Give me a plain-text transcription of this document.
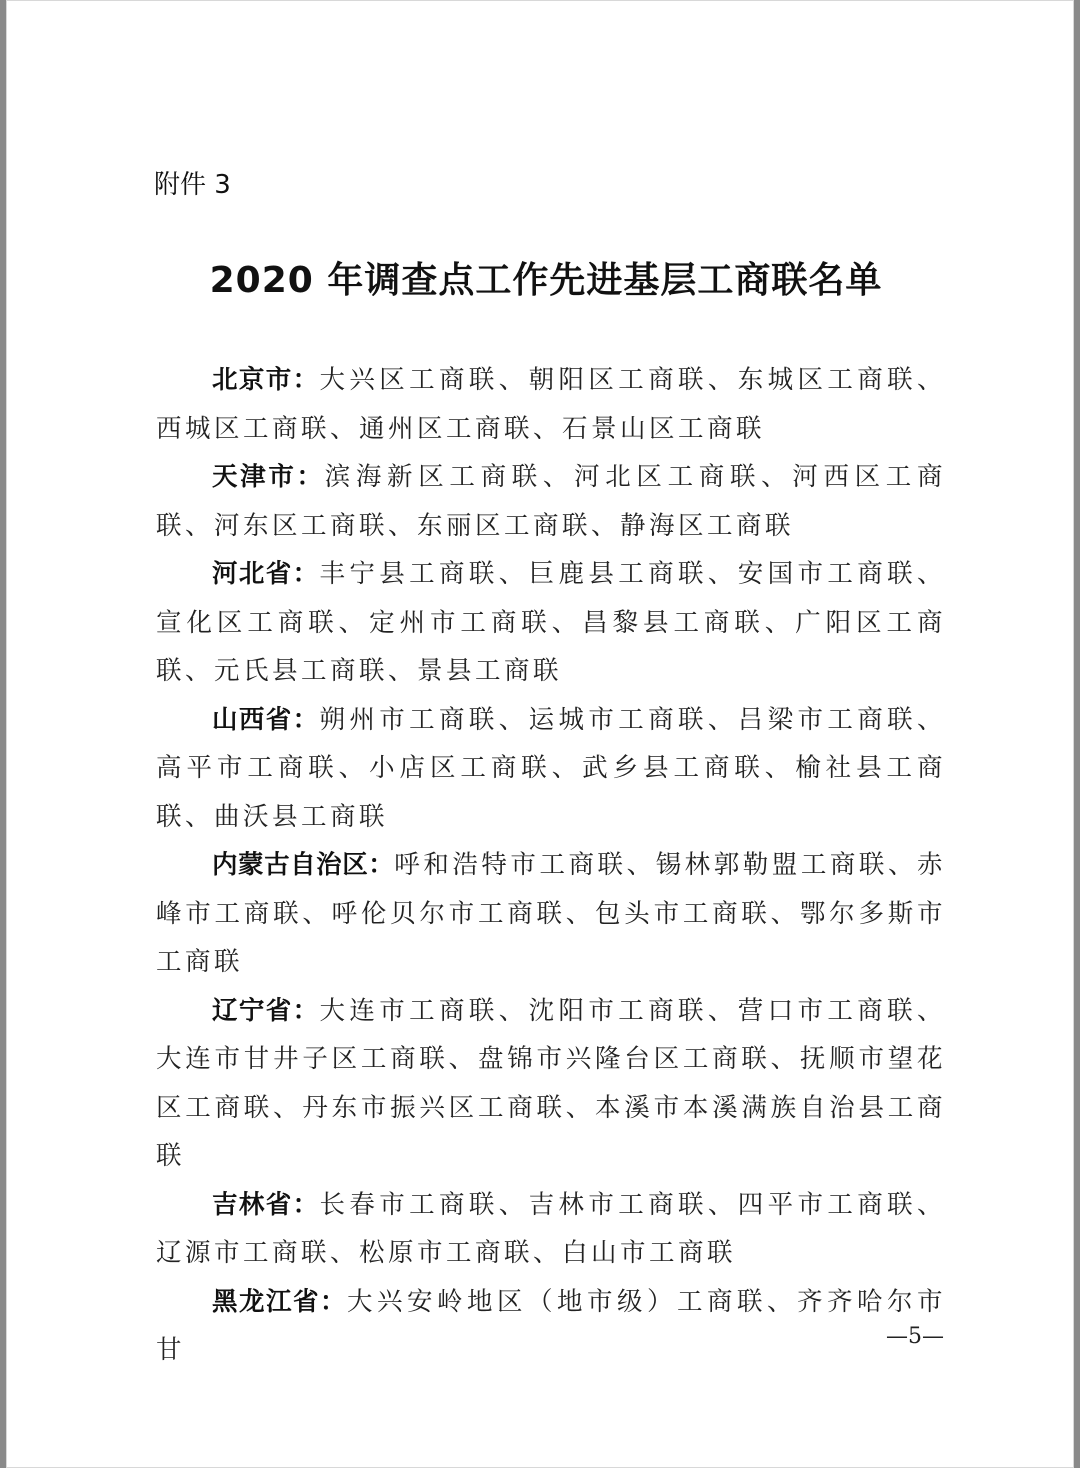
附件 3
2020 年调查点工作先进基层工商联名单

北京市：大兴区工商联、朝阳区工商联、东城区工商联、西城区工商联、通州区工商联、石景山区工商联

天津市：滨海新区工商联、河北区工商联、河西区工商联、河东区工商联、东丽区工商联、静海区工商联

河北省：丰宁县工商联、巨鹿县工商联、安国市工商联、宣化区工商联、定州市工商联、昌黎县工商联、广阳区工商联、元氏县工商联、景县工商联

山西省：朔州市工商联、运城市工商联、吕梁市工商联、高平市工商联、小店区工商联、武乡县工商联、榆社县工商联、曲沃县工商联

内蒙古自治区：呼和浩特市工商联、锡林郭勒盟工商联、赤峰市工商联、呼伦贝尔市工商联、包头市工商联、鄂尔多斯市工商联

辽宁省：大连市工商联、沈阳市工商联、营口市工商联、大连市甘井子区工商联、盘锦市兴隆台区工商联、抚顺市望花区工商联、丹东市振兴区工商联、本溪市本溪满族自治县工商联

吉林省：长春市工商联、吉林市工商联、四平市工商联、辽源市工商联、松原市工商联、白山市工商联

黑龙江省：大兴安岭地区（地市级）工商联、齐齐哈尔市甘	—5—
